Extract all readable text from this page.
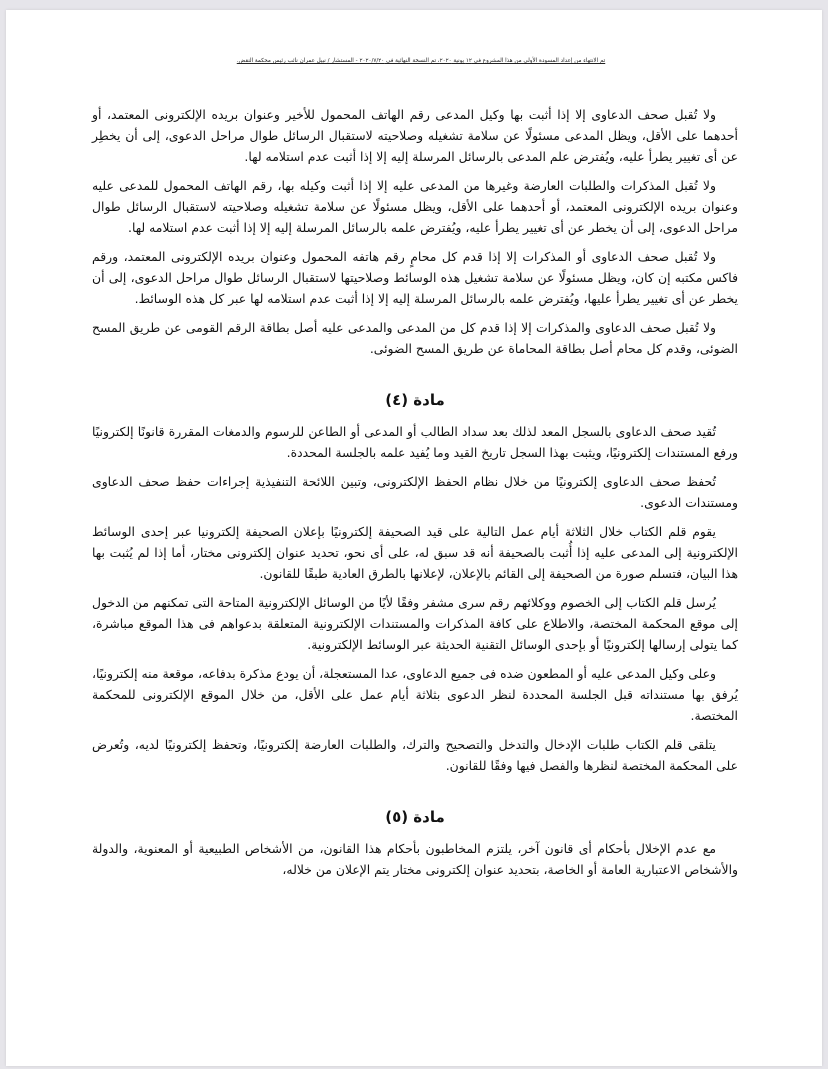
تم الانتهاء من إعداد المسودة الأولى من هذا المشروع في ١٢ يونية ٢٠٢٠، تم النسخة النهائية في ٢٠٢٠/٧/٢٠ - المستشار / نبيل عمران نائب رئيس محكمة النقض.

ولا تُقبل صحف الدعاوى إلا إذا أثبت بها وكيل المدعى رقم الهاتف المحمول للأخير وعنوان بريده الإلكترونى المعتمد، أو أحدهما على الأقل، ويظل المدعى مسئولًا عن سلامة تشغيله وصلاحيته لاستقبال الرسائل طوال مراحل الدعوى، إلى أن يخطِر عن أى تغيير يطرأ عليه، ويُفترض علم المدعى بالرسائل المرسلة إليه إلا إذا أثبت عدم استلامه لها.

ولا تُقبل المذكرات والطلبات العارضة وغيرها من المدعى عليه إلا إذا أثبت وكيله بها، رقم الهاتف المحمول للمدعى عليه وعنوان بريده الإلكترونى المعتمد، أو أحدهما على الأقل، ويظل مسئولًا عن سلامة تشغيله وصلاحيته لاستقبال الرسائل طوال مراحل الدعوى، إلى أن يخطر عن أى تغيير يطرأ عليه، ويُفترض علمه بالرسائل المرسلة إليه إلا إذا أثبت عدم استلامه لها.

ولا تُقبل صحف الدعاوى أو المذكرات إلا إذا قدم كل محامٍ رقم هاتفه المحمول وعنوان بريده الإلكترونى المعتمد، ورقم فاكس مكتبه إن كان، ويظل مسئولًا عن سلامة تشغيل هذه الوسائط وصلاحيتها لاستقبال الرسائل طوال مراحل الدعوى، إلى أن يخطر عن أى تغيير يطرأ عليها، ويُفترض علمه بالرسائل المرسلة إليه إلا إذا أثبت عدم استلامه لها عبر كل هذه الوسائط.

ولا تُقبل صحف الدعاوى والمذكرات إلا إذا قدم كل من المدعى والمدعى عليه أصل بطاقة الرقم القومى عن طريق المسح الضوئى، وقدم كل محام أصل بطاقة المحاماة عن طريق المسح الضوئى.

مادة (٤)

تُقيد صحف الدعاوى بالسجل المعد لذلك بعد سداد الطالب أو المدعى أو الطاعن للرسوم والدمغات المقررة قانونًا إلكترونيًا ورفع المستندات إلكترونيًا، ويثبت بهذا السجل تاريخ القيد وما يُفيد علمه بالجلسة المحددة.

تُحفظ صحف الدعاوى إلكترونيًا من خلال نظام الحفظ الإلكترونى، وتبين اللائحة التنفيذية إجراءات حفظ صحف الدعاوى ومستندات الدعوى.

يقوم قلم الكتاب خلال الثلاثة أيام عمل التالية على قيد الصحيفة إلكترونيًا بإعلان الصحيفة إلكترونيا عبر إحدى الوسائط الإلكترونية إلى المدعى عليه إذا أُثبت بالصحيفة أنه قد سبق له، على أى نحو، تحديد عنوان إلكترونى مختار، أما إذا لم يُثبت بها هذا البيان، فتسلم صورة من الصحيفة إلى القائم بالإعلان، لإعلانها بالطرق العادية طبقًا للقانون.

يُرسل قلم الكتاب إلى الخصوم ووكلائهم رقم سرى مشفر وفقًا لأيًا من الوسائل الإلكترونية المتاحة التى تمكنهم من الدخول إلى موقع المحكمة المختصة، والاطلاع على كافة المذكرات والمستندات الإلكترونية المتعلقة بدعواهم فى هذا الموقع مباشرة، كما يتولى إرسالها إلكترونيًا أو بإحدى الوسائل التقنية الحديثة عبر الوسائط الإلكترونية.

وعلى وكيل المدعى عليه أو المطعون ضده فى جميع الدعاوى، عدا المستعجلة، أن يودع مذكرة بدفاعه، موقعة منه إلكترونيًا، يُرفق بها مستنداته قبل الجلسة المحددة لنظر الدعوى بثلاثة أيام عمل على الأقل، من خلال الموقع الإلكترونى للمحكمة المختصة.

يتلقى قلم الكتاب طلبات الإدخال والتدخل والتصحيح والترك، والطلبات العارضة إلكترونيًا، وتحفظ إلكترونيًا لديه، وتُعرض على المحكمة المختصة لنظرها والفصل فيها وفقًا للقانون.

مادة (٥)

مع عدم الإخلال بأحكام أى قانون آخر، يلتزم المخاطبون بأحكام هذا القانون، من الأشخاص الطبيعية أو المعنوية، والدولة والأشخاص الاعتبارية العامة أو الخاصة، بتحديد عنوان إلكترونى مختار يتم الإعلان من خلاله،
